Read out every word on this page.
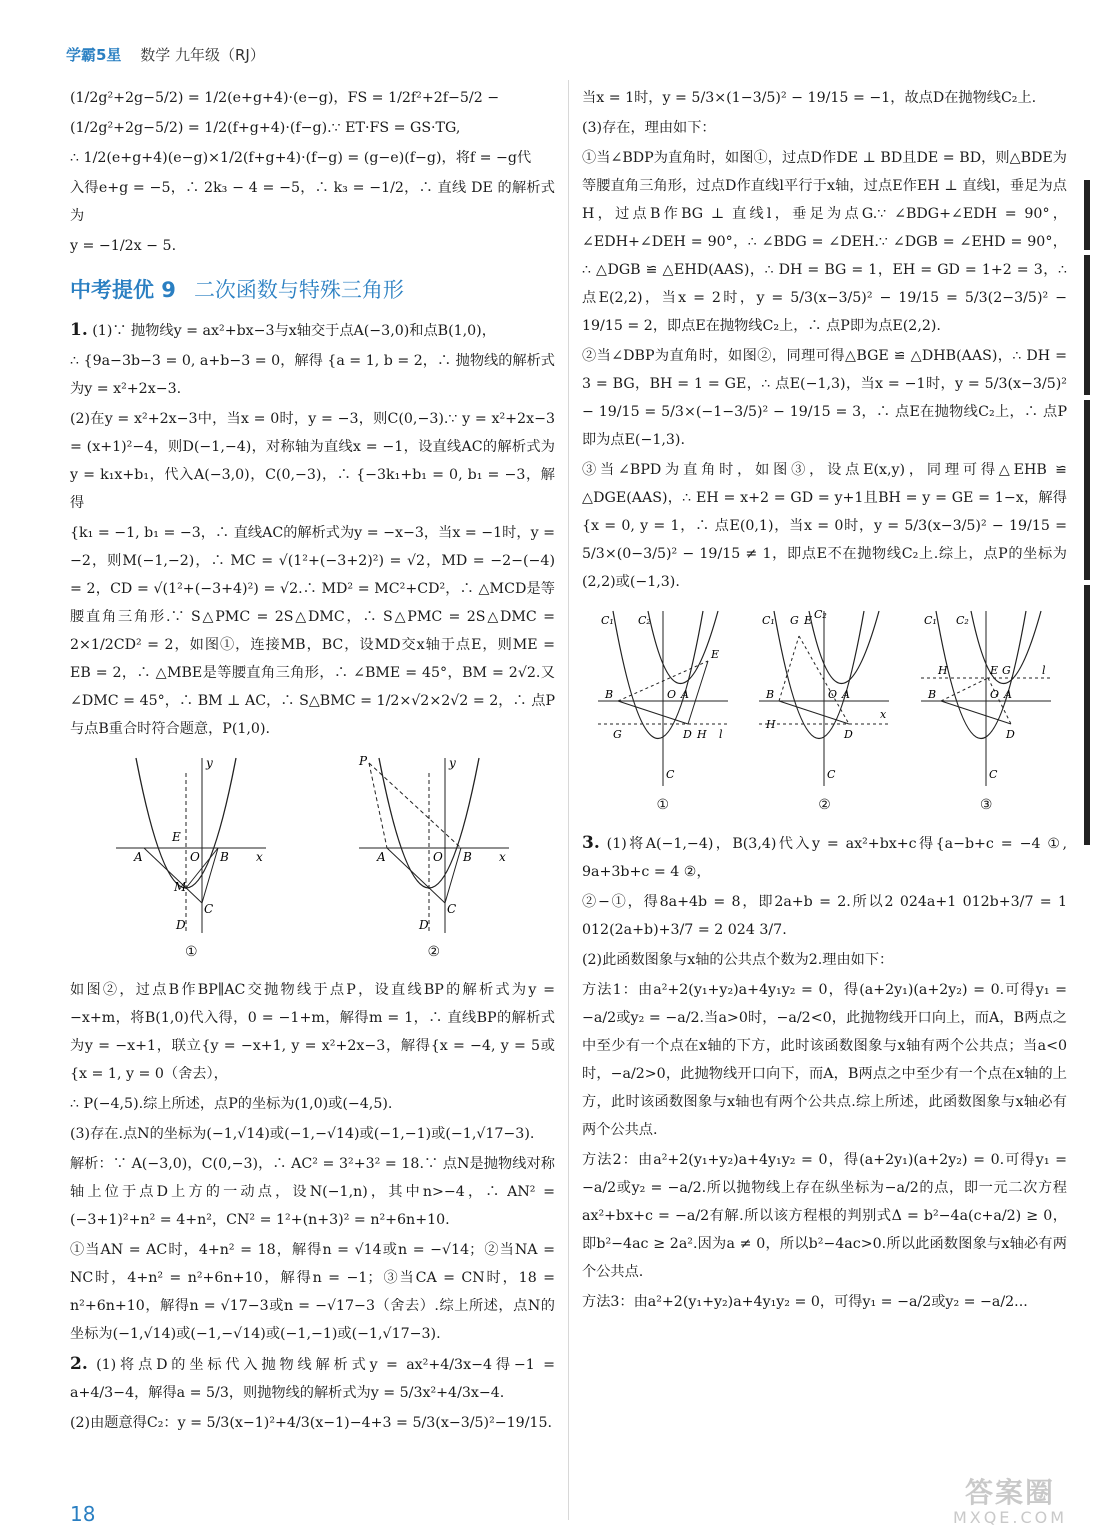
学霸5星 数学 九年级（RJ）

(1/2g²+2g−5/2) = 1/2(e+g+4)·(e−g)，FS = 1/2f²+2f−5/2 −

(1/2g²+2g−5/2) = 1/2(f+g+4)·(f−g).∵ ET·FS = GS·TG,

∴ 1/2(e+g+4)(e−g)×1/2(f+g+4)·(f−g) = (g−e)(f−g)，将f = −g代

入得e+g = −5，∴ 2k₃ − 4 = −5，∴ k₃ = −1/2，∴ 直线 DE 的解析式为

y = −1/2x − 5.

中考提优 9 二次函数与特殊三角形

1. (1)∵ 抛物线y = ax²+bx−3与x轴交于点A(−3,0)和点B(1,0)，

∴ {9a−3b−3 = 0, a+b−3 = 0，解得 {a = 1, b = 2，∴ 抛物线的解析式为y = x²+2x−3.

(2)在y = x²+2x−3中，当x = 0时，y = −3，则C(0,−3).∵ y = x²+2x−3 = (x+1)²−4，则D(−1,−4)，对称轴为直线x = −1，设直线AC的解析式为y = k₁x+b₁，代入A(−3,0)，C(0,−3)，∴ {−3k₁+b₁ = 0, b₁ = −3，解得

{k₁ = −1, b₁ = −3，∴ 直线AC的解析式为y = −x−3，当x = −1时，y = −2，则M(−1,−2)，∴ MC = √(1²+(−3+2)²) = √2，MD = −2−(−4) = 2，CD = √(1²+(−3+4)²) = √2.∴ MD² = MC²+CD²，∴ △MCD是等腰直角三角形.∵ S△PMC = 2S△DMC，∴ S△PMC = 2S△DMC = 2×1/2CD² = 2，如图①，连接MB，BC，设MD交x轴于点E，则ME = EB = 2，∴ △MBE是等腰直角三角形，∴ ∠BME = 45°，BM = 2√2.又∠DMC = 45°，∴ BM ⊥ AC，∴ S△BMC = 1/2×√2×2√2 = 2，∴ 点P与点B重合时符合题意，P(1,0).

A	B
C
D
E
M
O	x
y
①
P
A	B
C
D
O	x
y
②

如图②，过点B作BP∥AC交抛物线于点P，设直线BP的解析式为y = −x+m，将B(1,0)代入得，0 = −1+m，解得m = 1，∴ 直线BP的解析式为y = −x+1，联立{y = −x+1, y = x²+2x−3，解得{x = −4, y = 5或{x = 1, y = 0（舍去），

∴ P(−4,5).综上所述，点P的坐标为(1,0)或(−4,5).

(3)存在.点N的坐标为(−1,√14)或(−1,−√14)或(−1,−1)或(−1,√17−3).

解析：∵ A(−3,0)，C(0,−3)，∴ AC² = 3²+3² = 18.∵ 点N是抛物线对称轴上位于点D上方的一动点，设N(−1,n)，其中n>−4，∴ AN² = (−3+1)²+n² = 4+n²，CN² = 1²+(n+3)² = n²+6n+10.

①当AN = AC时，4+n² = 18，解得n = √14或n = −√14；②当NA = NC时，4+n² = n²+6n+10，解得n = −1；③当CA = CN时，18 = n²+6n+10，解得n = √17−3或n = −√17−3（舍去）.综上所述，点N的坐标为(−1,√14)或(−1,−√14)或(−1,−1)或(−1,√17−3).

2. (1)将点D的坐标代入抛物线解析式y = ax²+4/3x−4得−1 = a+4/3−4，解得a = 5/3，则抛物线的解析式为y = 5/3x²+4/3x−4.

(2)由题意得C₂：y = 5/3(x−1)²+4/3(x−1)−4+3 = 5/3(x−3/5)²−19/15.

当x = 1时，y = 5/3×(1−3/5)² − 19/15 = −1，故点D在抛物线C₂上.

(3)存在，理由如下：

①当∠BDP为直角时，如图①，过点D作DE ⊥ BD且DE = BD，则△BDE为等腰直角三角形，过点D作直线l平行于x轴，过点E作EH ⊥ 直线l，垂足为点H，过点B作BG ⊥ 直线l，垂足为点G.∵ ∠BDG+∠EDH = 90°，∠EDH+∠DEH = 90°，∴ ∠BDG = ∠DEH.∵ ∠DGB = ∠EHD = 90°，∴ △DGB ≌ △EHD(AAS)，∴ DH = BG = 1，EH = GD = 1+2 = 3，∴ 点E(2,2)，当x = 2时，y = 5/3(x−3/5)² − 19/15 = 5/3(2−3/5)² − 19/15 = 2，即点E在抛物线C₂上，∴ 点P即为点E(2,2).

②当∠DBP为直角时，如图②，同理可得△BGE ≌ △DHB(AAS)，∴ DH = 3 = BG，BH = 1 = GE，∴ 点E(−1,3)，当x = −1时，y = 5/3(x−3/5)² − 19/15 = 5/3×(−1−3/5)² − 19/15 = 3，∴ 点E在抛物线C₂上，∴ 点P即为点E(−1,3).

③当∠BPD为直角时，如图③，设点E(x,y)，同理可得△EHB ≌ △DGE(AAS)，∴ EH = x+2 = GD = y+1且BH = y = GE = 1−x，解得{x = 0, y = 1，∴ 点E(0,1)，当x = 0时，y = 5/3(x−3/5)² − 19/15 = 5/3×(0−3/5)² − 19/15 ≠ 1，即点E不在抛物线C₂上.综上，点P的坐标为(2,2)或(−1,3).

C₁ C₂
B
E
D H
G
C
O A
l
①
C₁ G E C₂
B
H
D
C
O A
x
②
C₁ C₂
B
H	E G
D
C
O A
l
③

3. (1)将A(−1,−4)，B(3,4)代入y = ax²+bx+c得{a−b+c = −4 ①, 9a+3b+c = 4 ②，

②−①，得8a+4b = 8，即2a+b = 2.所以2 024a+1 012b+3/7 = 1 012(2a+b)+3/7 = 2 024 3/7.

(2)此函数图象与x轴的公共点个数为2.理由如下：

方法1：由a²+2(y₁+y₂)a+4y₁y₂ = 0，得(a+2y₁)(a+2y₂) = 0.可得y₁ = −a/2或y₂ = −a/2.当a>0时，−a/2<0，此抛物线开口向上，而A，B两点之中至少有一个点在x轴的下方，此时该函数图象与x轴有两个公共点；当a<0时，−a/2>0，此抛物线开口向下，而A，B两点之中至少有一个点在x轴的上方，此时该函数图象与x轴也有两个公共点.综上所述，此函数图象与x轴必有两个公共点.

方法2：由a²+2(y₁+y₂)a+4y₁y₂ = 0，得(a+2y₁)(a+2y₂) = 0.可得y₁ = −a/2或y₂ = −a/2.所以抛物线上存在纵坐标为−a/2的点，即一元二次方程ax²+bx+c = −a/2有解.所以该方程根的判别式Δ = b²−4a(c+a/2) ≥ 0，即b²−4ac ≥ 2a².因为a ≠ 0，所以b²−4ac>0.所以此函数图象与x轴必有两个公共点.

方法3：由a²+2(y₁+y₂)a+4y₁y₂ = 0，可得y₁ = −a/2或y₂ = −a/2...

18
答案圈
MXQE.COM
